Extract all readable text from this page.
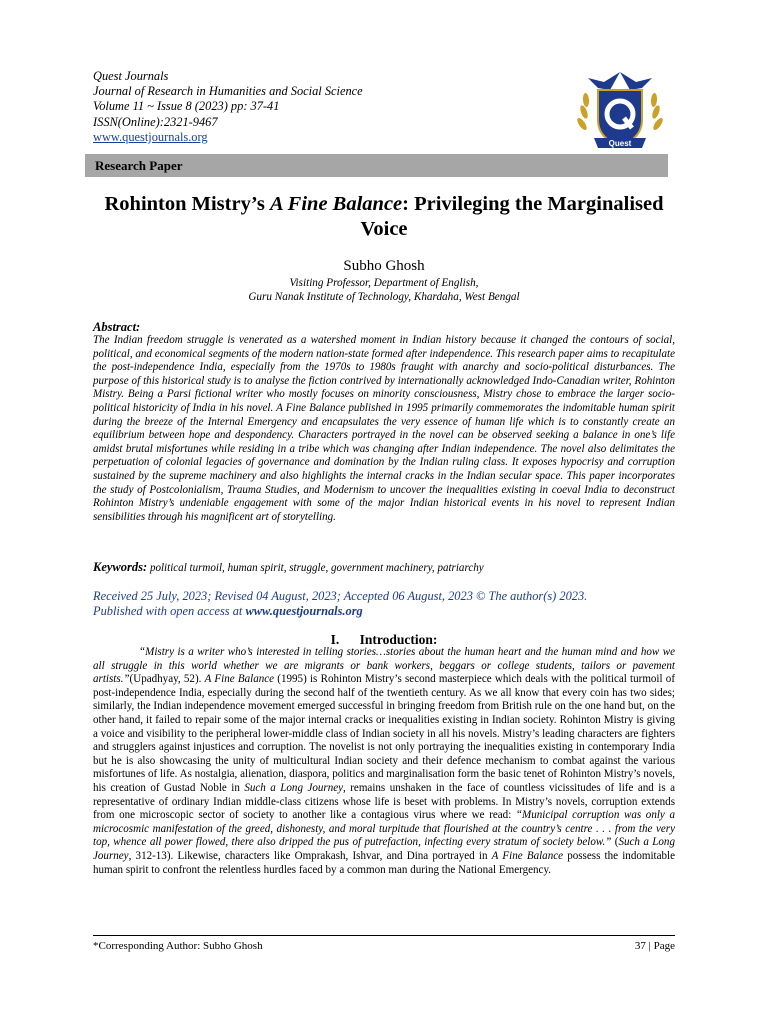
Quest Journals
Journal of Research in Humanities and Social Science
Volume 11 ~ Issue 8 (2023) pp: 37-41
ISSN(Online):2321-9467
www.questjournals.org	Quest
Research Paper
Rohinton Mistry’s A Fine Balance: Privileging the Marginalised Voice
Subho Ghosh
Visiting Professor, Department of English,
Guru Nanak Institute of Technology, Khardaha, West Bengal
Abstract:
The Indian freedom struggle is venerated as a watershed moment in Indian history because it changed the contours of social, political, and economical segments of the modern nation-state formed after independence. This research paper aims to recapitulate the post-independence India, especially from the 1970s to 1980s fraught with anarchy and socio-political disturbances. The purpose of this historical study is to analyse the fiction contrived by internationally acknowledged Indo-Canadian writer, Rohinton Mistry. Being a Parsi fictional writer who mostly focuses on minority consciousness, Mistry chose to embrace the larger socio-political historicity of India in his novel. A Fine Balance published in 1995 primarily commemorates the indomitable human spirit during the breeze of the Internal Emergency and encapsulates the very essence of human life which is to constantly create an equilibrium between hope and despondency. Characters portrayed in the novel can be observed seeking a balance in one’s life amidst brutal misfortunes while residing in a tribe which was changing after Indian independence. The novel also delimitates the perpetuation of colonial legacies of governance and domination by the Indian ruling class. It exposes hypocrisy and corruption sustained by the supreme machinery and also highlights the internal cracks in the Indian secular space. This paper incorporates the study of Postcolonialism, Trauma Studies, and Modernism to uncover the inequalities existing in coeval India to deconstruct Rohinton Mistry’s undeniable engagement with some of the major Indian historical events in his novel to represent Indian sensibilities through his magnificent art of storytelling.
Keywords: political turmoil, human spirit, struggle, government machinery, patriarchy
Received 25 July, 2023; Revised 04 August, 2023; Accepted 06 August, 2023 © The author(s) 2023.
Published with open access at www.questjournals.org
I. Introduction:
“Mistry is a writer who’s interested in telling stories…stories about the human heart and the human mind and how we all struggle in this world whether we are migrants or bank workers, beggars or college students, tailors or pavement artists.”(Upadhyay, 52). A Fine Balance (1995) is Rohinton Mistry’s second masterpiece which deals with the political turmoil of post-independence India, especially during the second half of the twentieth century. As we all know that every coin has two sides; similarly, the Indian independence movement emerged successful in bringing freedom from British rule on the one hand but, on the other hand, it failed to repair some of the major internal cracks or inequalities existing in Indian society. Rohinton Mistry is giving a voice and visibility to the peripheral lower-middle class of Indian society in all his novels. Mistry’s leading characters are fighters and strugglers against injustices and corruption. The novelist is not only portraying the inequalities existing in contemporary India but he is also showcasing the unity of multicultural Indian society and their defence mechanism to combat against the various misfortunes of life. As nostalgia, alienation, diaspora, politics and marginalisation form the basic tenet of Rohinton Mistry’s novels, his creation of Gustad Noble in Such a Long Journey, remains unshaken in the face of countless vicissitudes of life and is a representative of ordinary Indian middle-class citizens whose life is beset with problems. In Mistry’s novels, corruption extends from one microscopic sector of society to another like a contagious virus where we read: “Municipal corruption was only a microcosmic manifestation of the greed, dishonesty, and moral turpitude that flourished at the country’s centre . . . from the very top, whence all power flowed, there also dripped the pus of putrefaction, infecting every stratum of society below.” (Such a Long Journey, 312-13). Likewise, characters like Omprakash, Ishvar, and Dina portrayed in A Fine Balance possess the indomitable human spirit to confront the relentless hurdles faced by a common man during the National Emergency.
*Corresponding Author: Subho Ghosh	37 | Page
